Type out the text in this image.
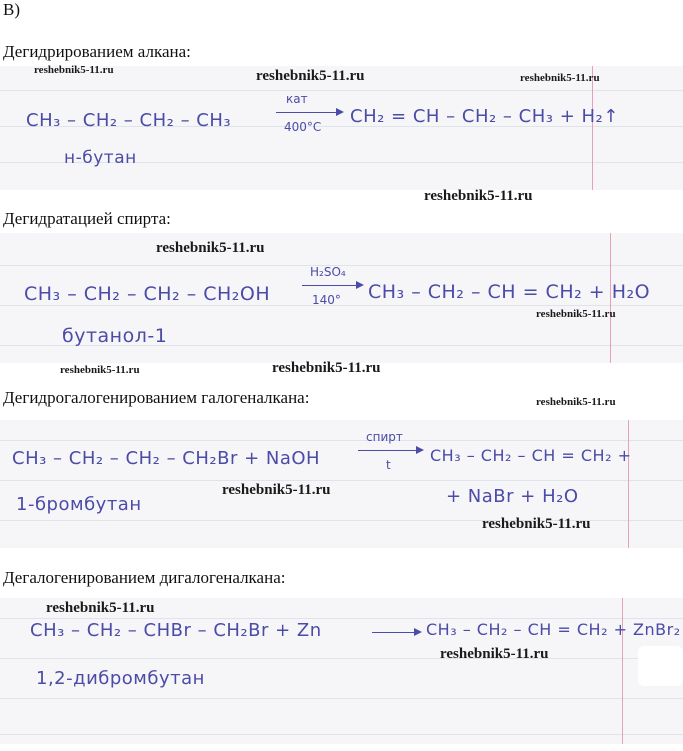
B)
Дегидрированием алкана:
CH₃ – CH₂ – CH₂ – CH₃
кат
400°C CH₂ = CH – CH₂ – CH₃ + H₂↑
н-бутан
Дегидратацией спирта:
CH₃ – CH₂ – CH₂ – CH₂OH
H₂SO₄
140° CH₃ – CH₂ – CH = CH₂ + H₂O
бутанол-1
Дегидрогалогенированием галогеналкана:
CH₃ – CH₂ – CH₂ – CH₂Br + NaOH
спирт
t CH₃ – CH₂ – CH = CH₂ +
+ NaBr + H₂O
1-бромбутан
Дегалогенированием дигалогеналкана:
CH₃ – CH₂ – CHBr – CH₂Br + Zn	→ CH₃ – CH₂ – CH = CH₂ + ZnBr₂
1,2-дибромбутан
reshebnik5-11.ru	reshebnik5-11.ru	reshebnik5-11.ru
reshebnik5-11.ru
reshebnik5-11.ru
reshebnik5-11.ru
reshebnik5-11.ru	reshebnik5-11.ru
reshebnik5-11.ru
reshebnik5-11.ru
reshebnik5-11.ru
reshebnik5-11.ru
reshebnik5-11.ru
